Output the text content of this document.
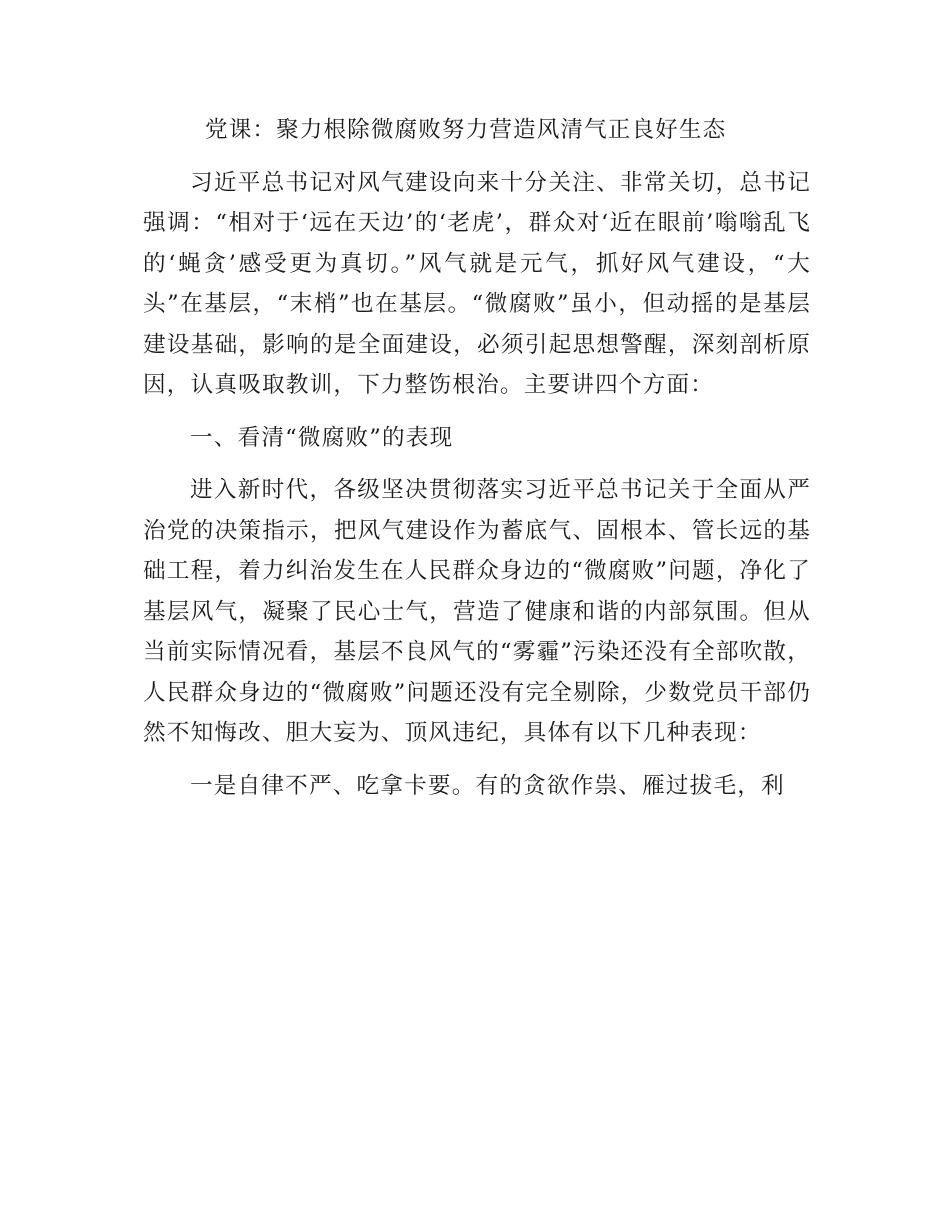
党课：聚力根除微腐败努力营造风清气正良好生态

习近平总书记对风气建设向来十分关注、非常关切，总书记强调：“相对于‘远在天边’的‘老虎’，群众对‘近在眼前’嗡嗡乱飞的‘蝇贪’感受更为真切。”风气就是元气，抓好风气建设，“大头”在基层，“末梢”也在基层。“微腐败”虽小，但动摇的是基层建设基础，影响的是全面建设，必须引起思想警醒，深刻剖析原因，认真吸取教训，下力整饬根治。主要讲四个方面：

一、看清“微腐败”的表现

进入新时代，各级坚决贯彻落实习近平总书记关于全面从严治党的决策指示，把风气建设作为蓄底气、固根本、管长远的基础工程，着力纠治发生在人民群众身边的“微腐败”问题，净化了基层风气，凝聚了民心士气，营造了健康和谐的内部氛围。但从当前实际情况看，基层不良风气的“雾霾”污染还没有全部吹散，人民群众身边的“微腐败”问题还没有完全剔除，少数党员干部仍然不知悔改、胆大妄为、顶风违纪，具体有以下几种表现：

一是自律不严、吃拿卡要。有的贪欲作祟、雁过拔毛，利
